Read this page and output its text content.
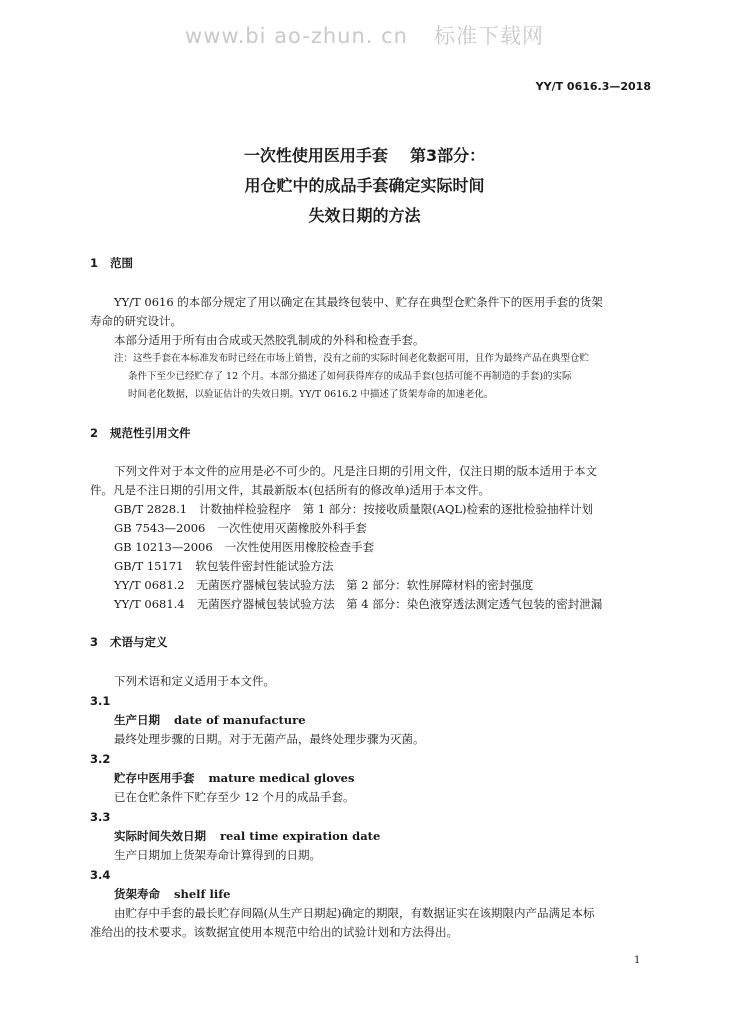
www.bi ao-zhun. cn 标准下载网
YY/T 0616.3—2018
一次性使用医用手套 第3部分：
用仓贮中的成品手套确定实际时间
失效日期的方法
1 范围
YY/T 0616 的本部分规定了用以确定在其最终包装中、贮存在典型仓贮条件下的医用手套的货架
寿命的研究设计。
本部分适用于所有由合成或天然胶乳制成的外科和检查手套。
注：这些手套在本标准发布时已经在市场上销售，没有之前的实际时间老化数据可用，且作为最终产品在典型仓贮
条件下至少已经贮存了 12 个月。本部分描述了如何获得库存的成品手套(包括可能不再制造的手套)的实际
时间老化数据，以验证估计的失效日期。YY/T 0616.2 中描述了货架寿命的加速老化。
2 规范性引用文件
下列文件对于本文件的应用是必不可少的。凡是注日期的引用文件，仅注日期的版本适用于本文
件。凡是不注日期的引用文件，其最新版本(包括所有的修改单)适用于本文件。
GB/T 2828.1 计数抽样检验程序　第 1 部分：按接收质量限(AQL)检索的逐批检验抽样计划
GB 7543—2006 一次性使用灭菌橡胶外科手套
GB 10213—2006 一次性使用医用橡胶检查手套
GB/T 15171 软包装件密封性能试验方法
YY/T 0681.2 无菌医疗器械包装试验方法　第 2 部分：软性屏障材料的密封强度
YY/T 0681.4 无菌医疗器械包装试验方法　第 4 部分：染色液穿透法测定透气包装的密封泄漏
3 术语与定义
下列术语和定义适用于本文件。
3.1
生产日期 date of manufacture
最终处理步骤的日期。对于无菌产品，最终处理步骤为灭菌。
3.2
贮存中医用手套 mature medical gloves
已在仓贮条件下贮存至少 12 个月的成品手套。
3.3
实际时间失效日期 real time expiration date
生产日期加上货架寿命计算得到的日期。
3.4
货架寿命 shelf life
由贮存中手套的最长贮存间隔(从生产日期起)确定的期限，有数据证实在该期限内产品满足本标
准给出的技术要求。该数据宜使用本规范中给出的试验计划和方法得出。
1
